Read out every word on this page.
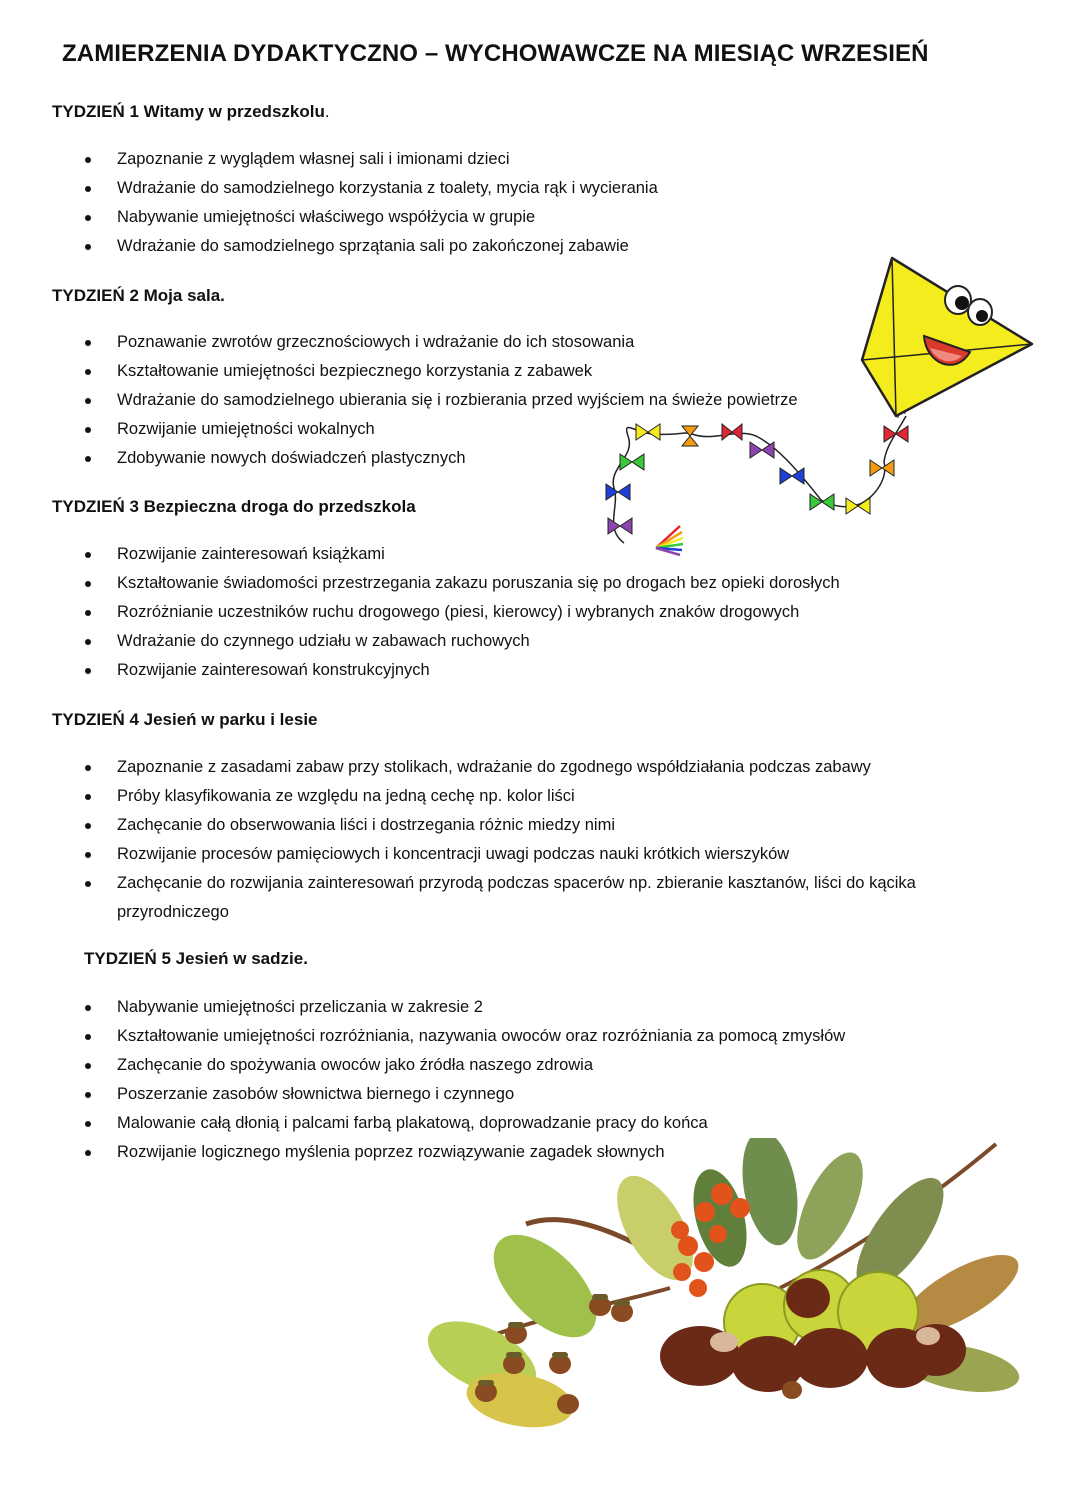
ZAMIERZENIA DYDAKTYCZNO – WYCHOWAWCZE NA MIESIĄC WRZESIEŃ
TYDZIEŃ 1 Witamy w przedszkolu.
Zapoznanie z wyglądem własnej sali i imionami dzieci
Wdrażanie do samodzielnego korzystania z toalety, mycia rąk i wycierania
Nabywanie umiejętności właściwego współżycia w grupie
Wdrażanie do samodzielnego sprzątania sali po zakończonej zabawie
TYDZIEŃ 2 Moja sala.
Poznawanie zwrotów grzecznościowych i wdrażanie do ich stosowania
Kształtowanie umiejętności bezpiecznego korzystania z zabawek
Wdrażanie do samodzielnego ubierania się i rozbierania przed wyjściem na świeże powietrze
Rozwijanie umiejętności wokalnych
Zdobywanie nowych doświadczeń plastycznych
TYDZIEŃ 3 Bezpieczna droga do przedszkola
Rozwijanie zainteresowań książkami
Kształtowanie świadomości przestrzegania zakazu poruszania się po drogach bez opieki dorosłych
Rozróżnianie uczestników ruchu drogowego (piesi, kierowcy) i wybranych znaków drogowych
Wdrażanie do czynnego udziału w zabawach ruchowych
Rozwijanie zainteresowań konstrukcyjnych
TYDZIEŃ 4 Jesień w parku i lesie
Zapoznanie z zasadami zabaw przy stolikach, wdrażanie do zgodnego współdziałania podczas zabawy
Próby klasyfikowania ze względu na jedną cechę np. kolor liści
Zachęcanie do obserwowania liści i dostrzegania różnic miedzy nimi
Rozwijanie procesów pamięciowych i koncentracji uwagi podczas nauki krótkich wierszyków
Zachęcanie do rozwijania zainteresowań przyrodą podczas spacerów np. zbieranie kasztanów, liści do kącika przyrodniczego
TYDZIEŃ 5 Jesień w sadzie.
Nabywanie umiejętności przeliczania w zakresie 2
Kształtowanie umiejętności rozróżniania, nazywania owoców oraz rozróżniania za pomocą zmysłów
Zachęcanie do spożywania owoców jako źródła naszego zdrowia
Poszerzanie zasobów słownictwa biernego i czynnego
Malowanie całą dłonią i palcami farbą plakatową, doprowadzanie pracy do końca
Rozwijanie logicznego myślenia poprzez rozwiązywanie zagadek słownych
